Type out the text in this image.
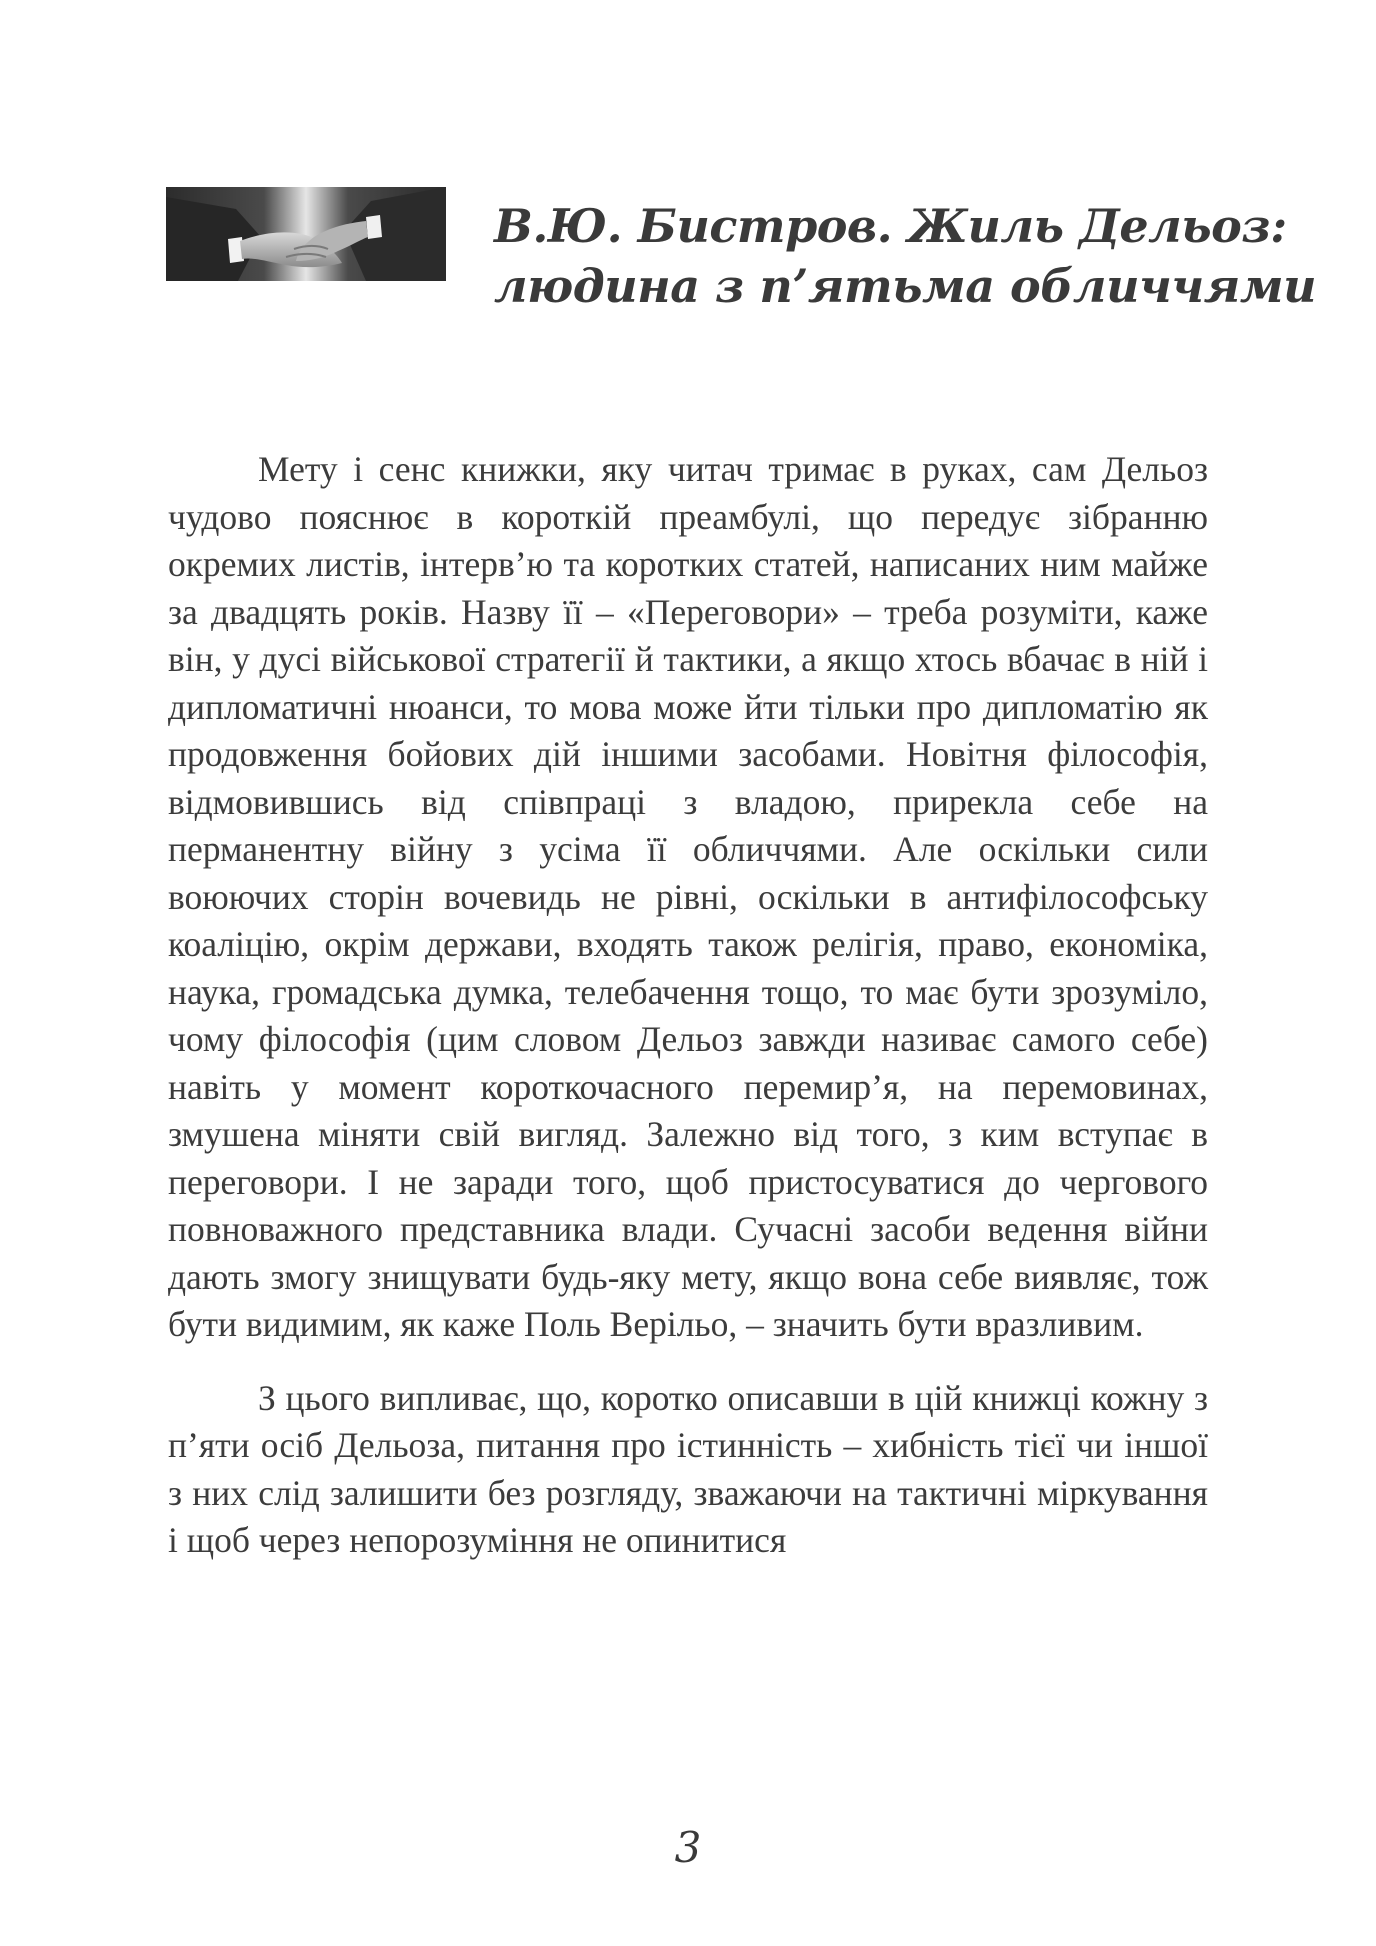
В.Ю. Бистров. Жиль Дельоз:
людина з п’ятьма обличчями

Мету і сенс книжки, яку читач тримає в руках, сам Дельоз чудово пояснює в короткій преамбулі, що передує зібранню окремих листів, інтерв’ю та коротких статей, написаних ним майже за двадцять років. Назву її – «Переговори» – треба розуміти, каже він, у дусі військової стратегії й тактики, а якщо хтось вбачає в ній і дипломатичні нюанси, то мова може йти тільки про дипломатію як продовження бойових дій іншими засобами. Новітня філософія, відмовившись від співпраці з владою, прирекла себе на перманентну війну з усіма її обличчями. Але оскільки сили воюючих сторін вочевидь не рівні, оскільки в антифілософську коаліцію, окрім держави, входять також релігія, право, економіка, наука, громадська думка, телебачення тощо, то має бути зрозуміло, чому філософія (цим словом Дельоз завжди називає самого себе) навіть у момент короткочасного перемир’я, на перемовинах, змушена міняти свій вигляд. Залежно від того, з ким вступає в переговори. І не заради того, щоб пристосуватися до чергового повноважного представника влади. Сучасні засоби ведення війни дають змогу знищувати будь-яку мету, якщо вона себе виявляє, тож бути видимим, як каже Поль Верільо, – значить бути вразливим.

З цього випливає, що, коротко описавши в цій книжці кожну з п’яти осіб Дельоза, питання про істинність – хибність тієї чи іншої з них слід залишити без розгляду, зважаючи на тактичні міркування і щоб через непорозуміння не опинитися

3
